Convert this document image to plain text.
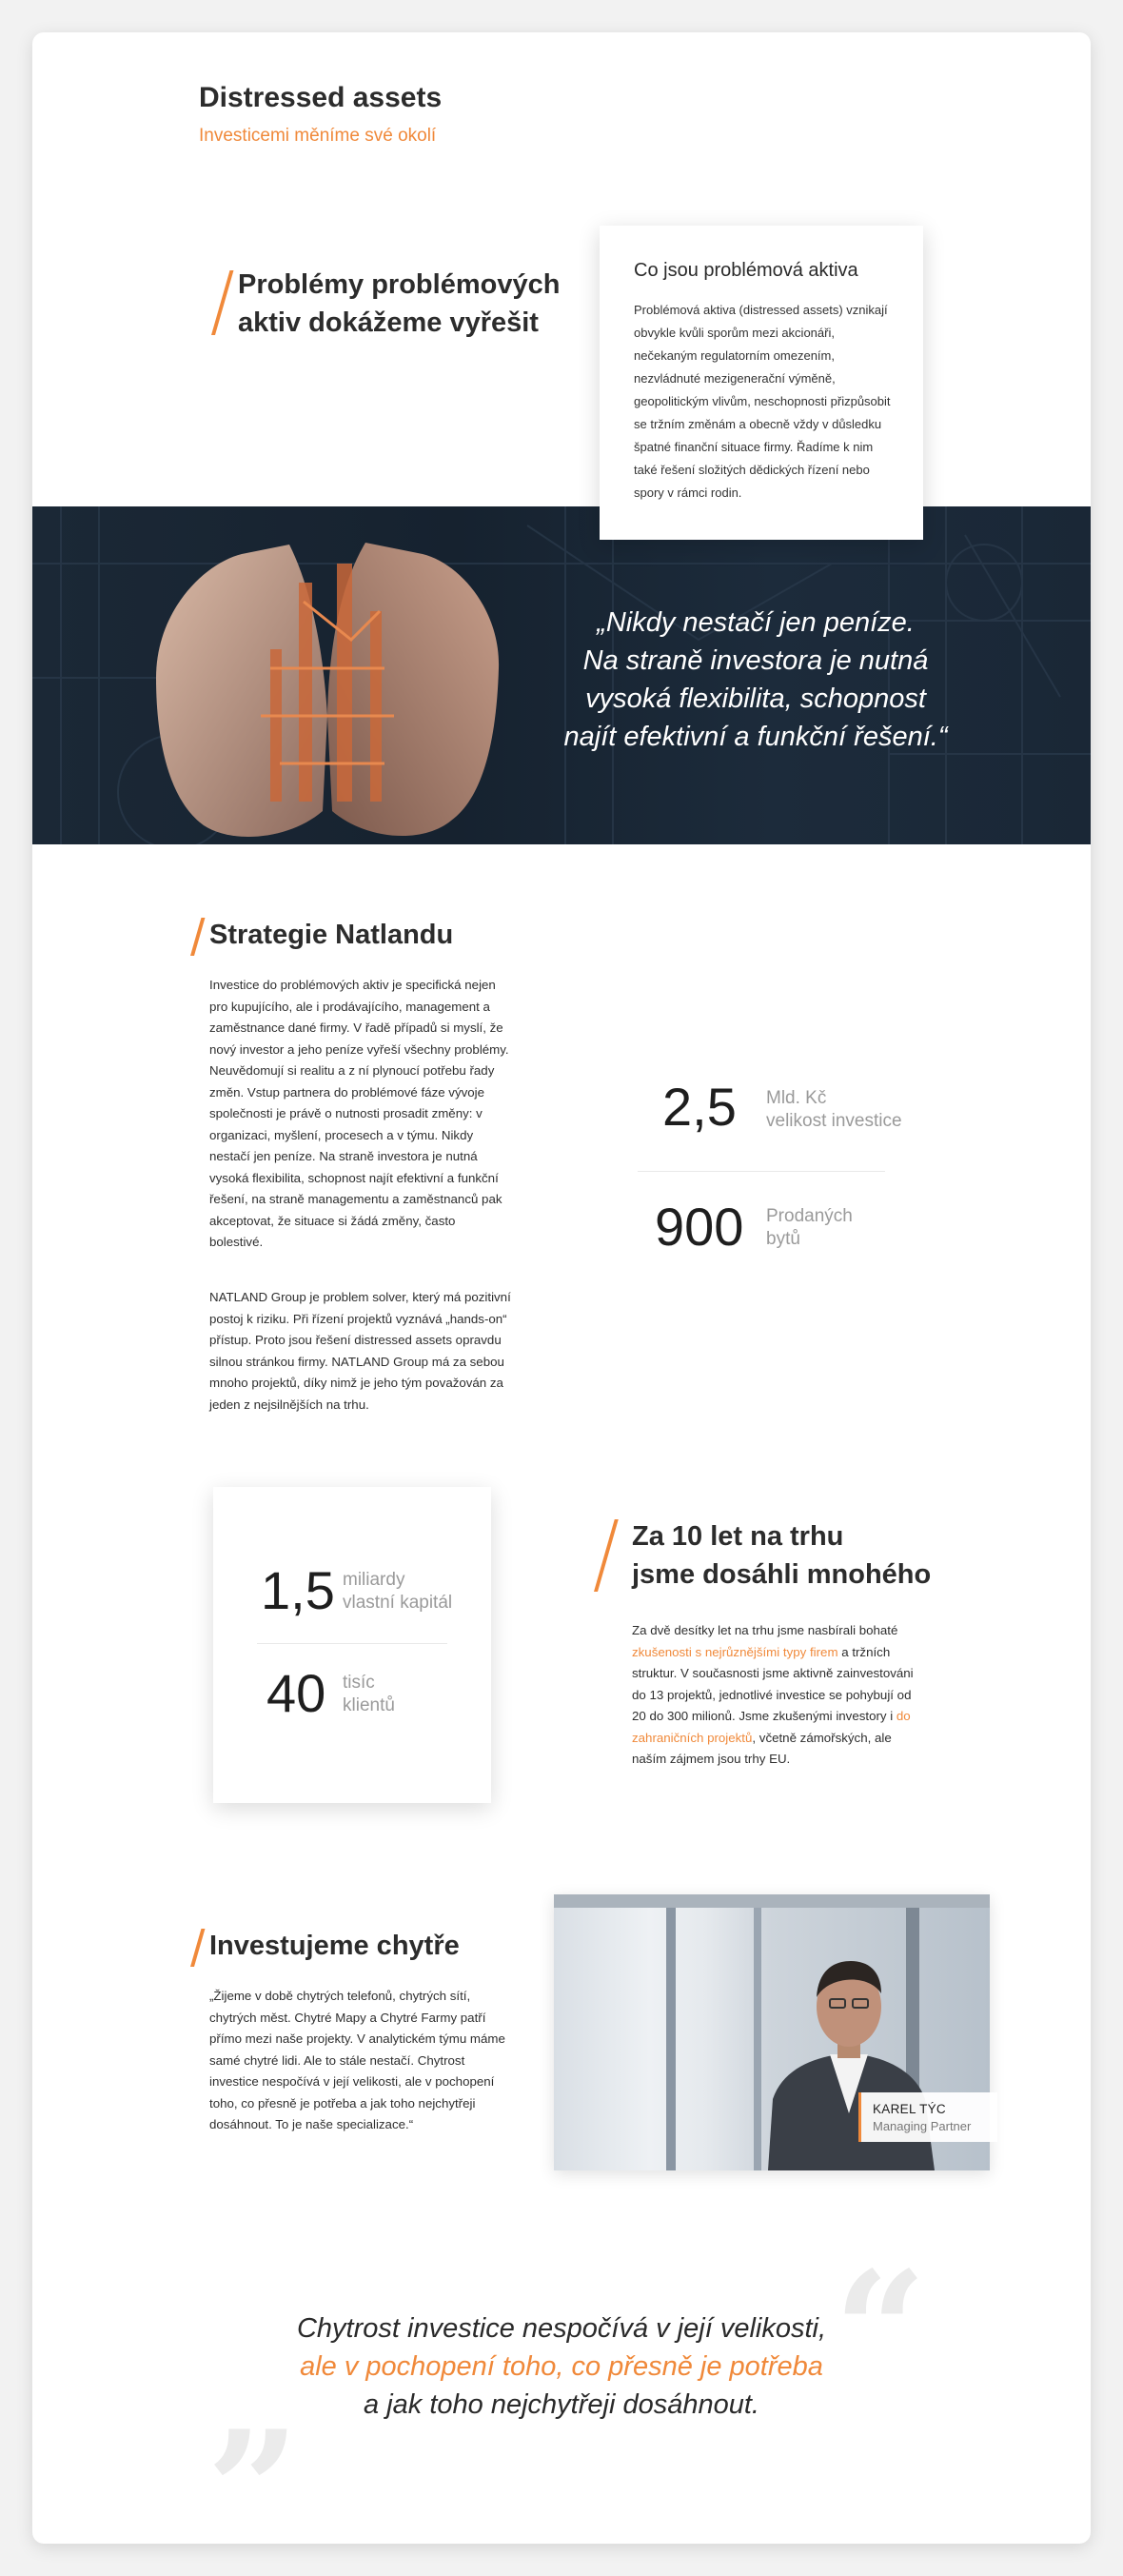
Distressed assets
Investicemi měníme své okolí
Problémy problémových
aktiv dokážeme vyřešit
Co jsou problémová aktiva

Problémová aktiva (distressed assets) vznikají obvykle kvůli sporům mezi akcionáři, nečekaným regulatorním omezením, nezvládnuté mezigenerační výměně, geopolitickým vlivům, neschopnosti přizpůsobit se tržním změnám a obecně vždy v důsledku špatné finanční situace firmy. Řadíme k nim také řešení složitých dědických řízení nebo spory v rámci rodin.

„Nikdy nestačí jen peníze.
Na straně investora je nutná
vysoká flexibilita, schopnost
najít efektivní a funkční řešení.“
Strategie Natlandu

Investice do problémových aktiv je specifická nejen pro kupujícího, ale i prodávajícího, management a zaměstnance dané firmy. V řadě případů si myslí, že nový investor a jeho peníze vyřeší všechny problémy. Neuvědomují si realitu a z ní plynoucí potřebu řady změn. Vstup partnera do problémové fáze vývoje společnosti je právě o nutnosti prosadit změny: v organizaci, myšlení, procesech a v týmu. Nikdy nestačí jen peníze. Na straně investora je nutná vysoká flexibilita, schopnost najít efektivní a funkční řešení, na straně managementu a zaměstnanců pak akceptovat, že situace si žádá změny, často bolestivé.

NATLAND Group je problem solver, který má pozitivní postoj k riziku. Při řízení projektů vyznává „hands-on“ přístup. Proto jsou řešení distressed assets opravdu silnou stránkou firmy. NATLAND Group má za sebou mnoho projektů, díky nimž je jeho tým považován za jeden z nejsilnějších na trhu.

2,5 Mld. Kč
velikost investice
900 Prodaných
bytů
1,5 miliardy
vlastní kapitál
40 tisíc
klientů
Za 10 let na trhu
jsme dosáhli mnohého

Za dvě desítky let na trhu jsme nasbírali bohaté zkušenosti s nejrůznějšími typy firem a tržních struktur. V současnosti jsme aktivně zainvestováni do 13 projektů, jednotlivé investice se pohybují od 20 do 300 milionů. Jsme zkušenými investory i do zahraničních projektů, včetně zámořských, ale naším zájmem jsou trhy EU.

Investujeme chytře

„Žijeme v době chytrých telefonů, chytrých sítí, chytrých měst. Chytré Mapy a Chytré Farmy patří přímo mezi naše projekty. V analytickém týmu máme samé chytré lidi. Ale to stále nestačí. Chytrost investice nespočívá v její velikosti, ale v pochopení toho, co přesně je potřeba a jak toho nejchytřeji dosáhnout. To je naše specializace.“

KAREL TÝC
Managing Partner
“
„
Chytrost investice nespočívá v její velikosti,
ale v pochopení toho, co přesně je potřeba
a jak toho nejchytřeji dosáhnout.
